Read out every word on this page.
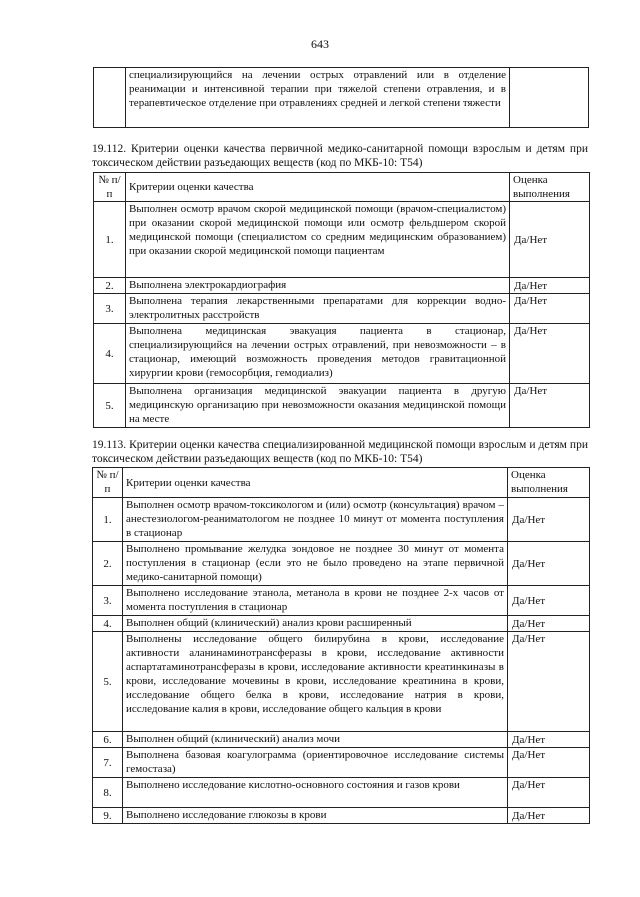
643
	специализирующийся на лечении острых отравлений или в отделение реанимации и интенсивной терапии при тяжелой степени отравления, и в терапевтическое отделение при отравлениях средней и легкой степени тяжести	
19.112. Критерии оценки качества первичной медико-санитарной помощи взрослым и детям при токсическом действии разъедающих веществ (код по МКБ-10: Т54)
№ п/п	Критерии оценки качества	Оценка выполнения
1.	Выполнен осмотр врачом скорой медицинской помощи (врачом-специалистом) при оказании скорой медицинской помощи или осмотр фельдшером скорой медицинской помощи (специалистом со средним медицинским образованием) при оказании скорой медицинской помощи пациентам	Да/Нет
2.	Выполнена электрокардиография	Да/Нет
3.	Выполнена терапия лекарственными препаратами для коррекции водно-электролитных расстройств	Да/Нет
4.	Выполнена медицинская эвакуация пациента в стационар, специализирующийся на лечении острых отравлений, при невозможности – в стационар, имеющий возможность проведения методов гравитационной хирургии крови (гемосорбция, гемодиализ)	Да/Нет
5.	Выполнена организация медицинской эвакуации пациента в другую медицинскую организацию при невозможности оказания медицинской помощи на месте	Да/Нет
19.113. Критерии оценки качества специализированной медицинской помощи взрослым и детям при токсическом действии разъедающих веществ (код по МКБ-10: Т54)
№ п/п	Критерии оценки качества	Оценка выполнения
1.	Выполнен осмотр врачом-токсикологом и (или) осмотр (консультация) врачом – анестезиологом-реаниматологом не позднее 10 минут от момента поступления в стационар	Да/Нет
2.	Выполнено промывание желудка зондовое не позднее 30 минут от момента поступления в стационар (если это не было проведено на этапе первичной медико-санитарной помощи)	Да/Нет
3.	Выполнено исследование этанола, метанола в крови не позднее 2-х часов от момента поступления в стационар	Да/Нет
4.	Выполнен общий (клинический) анализ крови расширенный	Да/Нет
5.	Выполнены исследование общего билирубина в крови, исследование активности аланинаминотрансферазы в крови, исследование активности аспартатаминотрансферазы в крови, исследование активности креатинкиназы в крови, исследование мочевины в крови, исследование креатинина в крови, исследование общего белка в крови, исследование натрия в крови, исследование калия в крови, исследование общего кальция в крови	Да/Нет
6.	Выполнен общий (клинический) анализ мочи	Да/Нет
7.	Выполнена базовая коагулограмма (ориентировочное исследование системы гемостаза)	Да/Нет
8.	Выполнено исследование кислотно-основного состояния и газов крови	Да/Нет
9.	Выполнено исследование глюкозы в крови	Да/Нет
